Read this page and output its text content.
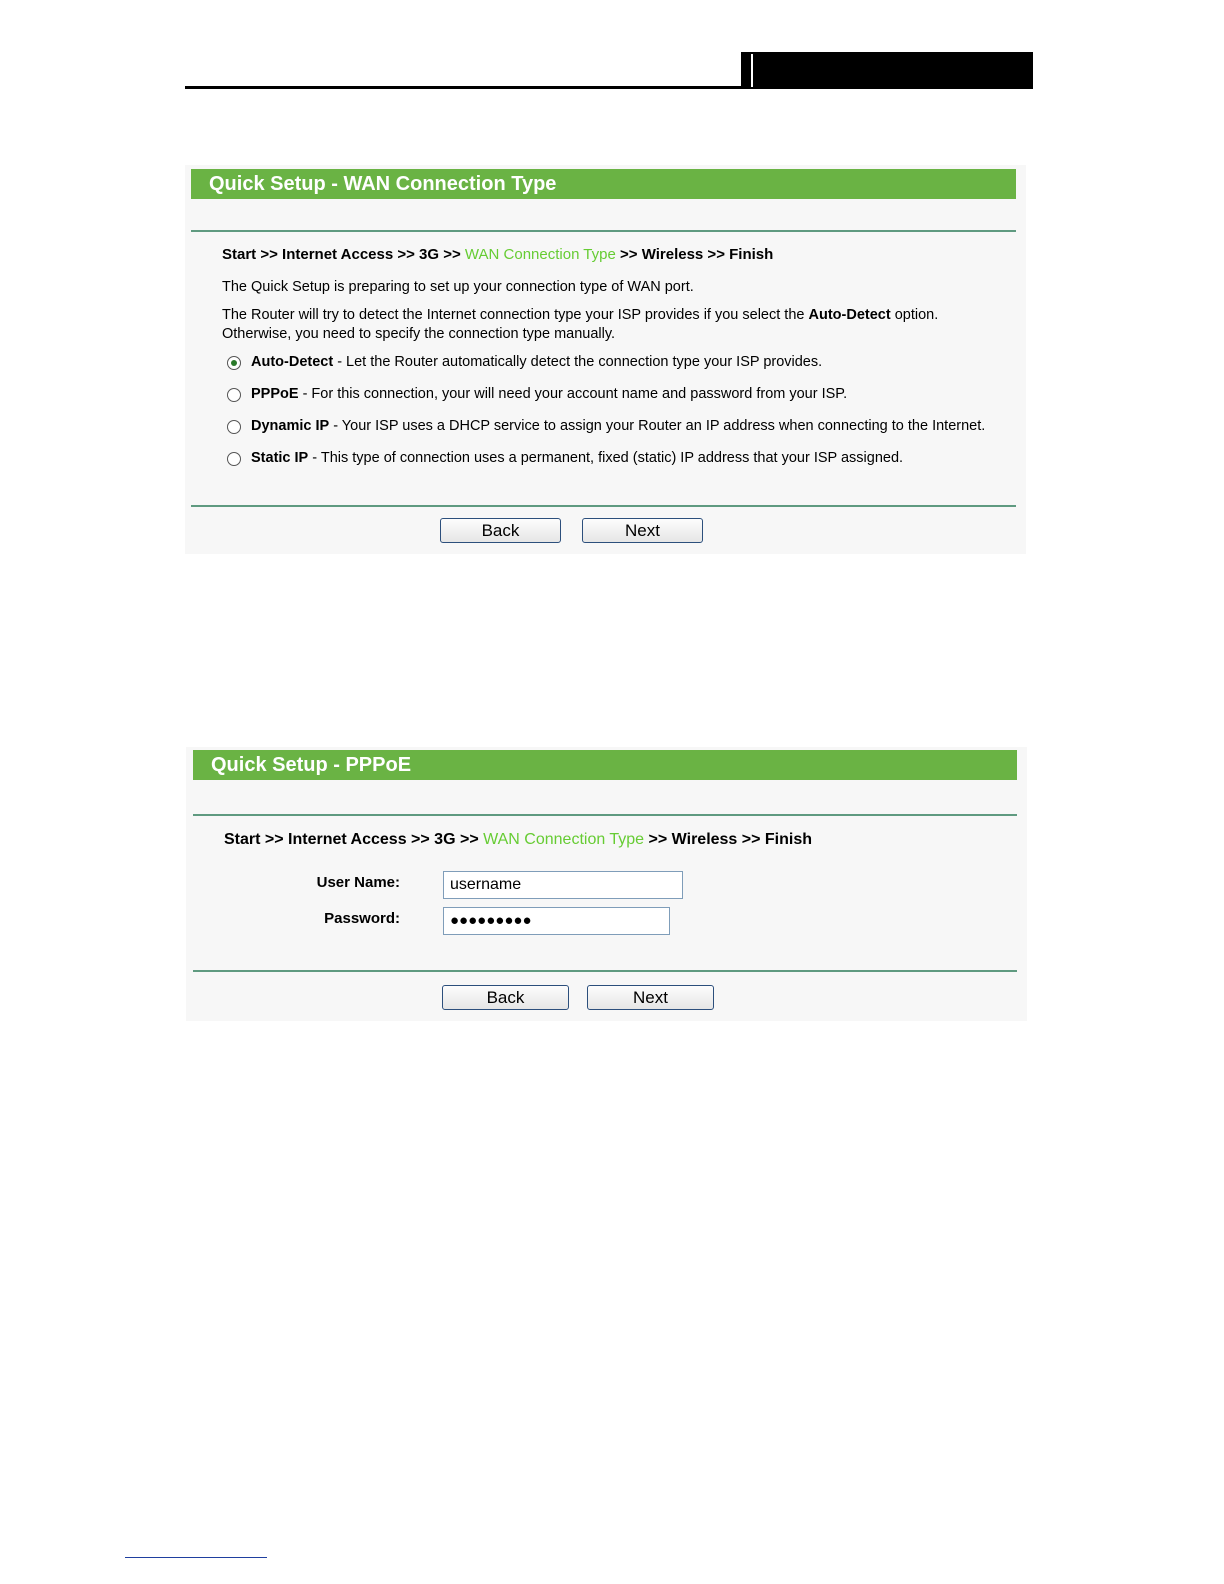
Quick Setup - WAN Connection Type
Start >> Internet Access >> 3G >> WAN Connection Type >> Wireless >> Finish
The Quick Setup is preparing to set up your connection type of WAN port.
The Router will try to detect the Internet connection type your ISP provides if you select the Auto-Detect option.
Otherwise, you need to specify the connection type manually.
Auto-Detect - Let the Router automatically detect the connection type your ISP provides.
PPPoE - For this connection, your will need your account name and password from your ISP.
Dynamic IP - Your ISP uses a DHCP service to assign your Router an IP address when connecting to the Internet.
Static IP - This type of connection uses a permanent, fixed (static) IP address that your ISP assigned.
Back	Next
Quick Setup - PPPoE
Start >> Internet Access >> 3G >> WAN Connection Type >> Wireless >> Finish
User Name:
username
Password:	●●●●●●●●●
Back	Next
